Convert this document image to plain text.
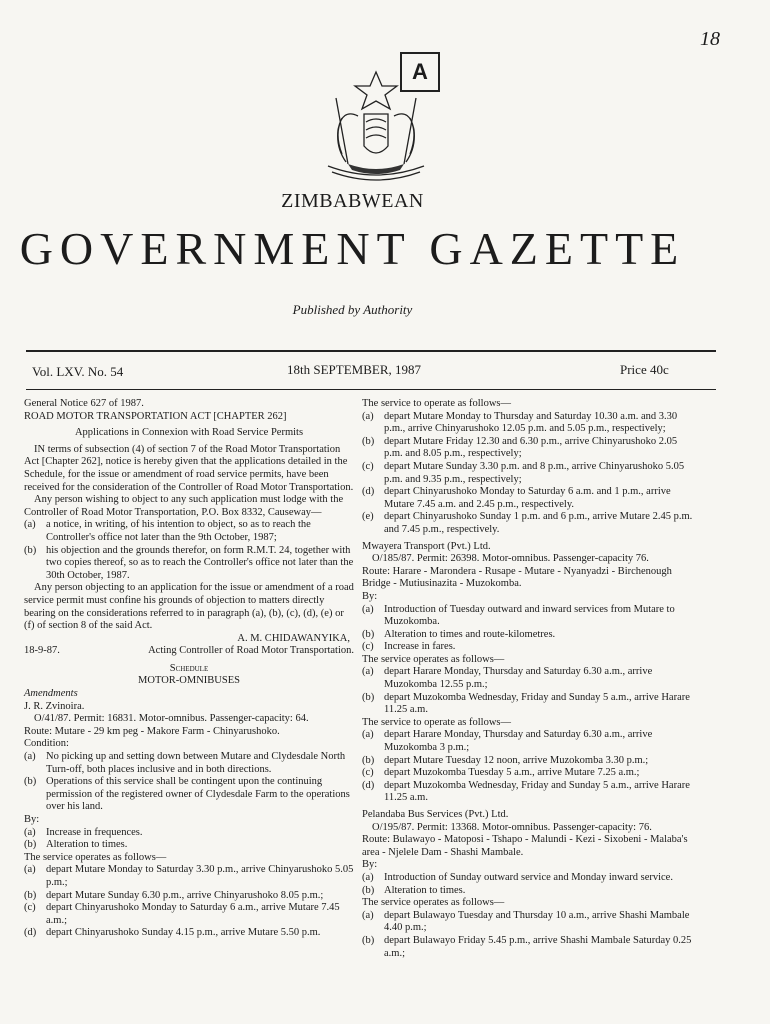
18
A
ZIMBABWEAN
GOVERNMENT GAZETTE
Published by Authority
Vol. LXV. No. 54	18th SEPTEMBER, 1987	Price 40c

General Notice 627 of 1987.

ROAD MOTOR TRANSPORTATION ACT [CHAPTER 262]

Applications in Connexion with Road Service Permits

IN terms of subsection (4) of section 7 of the Road Motor Transportation Act [Chapter 262], notice is hereby given that the applications detailed in the Schedule, for the issue or amendment of road service permits, have been received for the consideration of the Controller of Road Motor Transportation.

Any person wishing to object to any such application must lodge with the Controller of Road Motor Transportation, P.O. Box 8332, Causeway—

(a) a notice, in writing, of his intention to object, so as to reach the Controller's office not later than the 9th October, 1987;
(b) his objection and the grounds therefor, on form R.M.T. 24, together with two copies thereof, so as to reach the Controller's office not later than the 30th October, 1987.

Any person objecting to an application for the issue or amendment of a road service permit must confine his grounds of objection to matters directly bearing on the considerations referred to in paragraph (a), (b), (c), (d), (e) or (f) of section 8 of the said Act.

A. M. CHIDAWANYIKA,

18-9-87.	Acting Controller of Road Motor Transportation.

Schedule

MOTOR-OMNIBUSES

Amendments

J. R. Zvinoira.

O/41/87. Permit: 16831. Motor-omnibus. Passenger-capacity: 64.

Route: Mutare - 29 km peg - Makore Farm - Chinyarushoko.

Condition:

(a) No picking up and setting down between Mutare and Clydesdale North Turn-off, both places inclusive and in both directions.
(b) Operations of this service shall be contingent upon the continuing permission of the registered owner of Clydesdale Farm to the operations over his land.

By:

(a) Increase in frequences.
(b) Alteration to times.

The service operates as follows—

(a) depart Mutare Monday to Saturday 3.30 p.m., arrive Chinyarushoko 5.05 p.m.;
(b) depart Mutare Sunday 6.30 p.m., arrive Chinyarushoko 8.05 p.m.;
(c) depart Chinyarushoko Monday to Saturday 6 a.m., arrive Mutare 7.45 a.m.;
(d) depart Chinyarushoko Sunday 4.15 p.m., arrive Mutare 5.50 p.m.

The service to operate as follows—

(a) depart Mutare Monday to Thursday and Saturday 10.30 a.m. and 3.30 p.m., arrive Chinyarushoko 12.05 p.m. and 5.05 p.m., respectively;
(b) depart Mutare Friday 12.30 and 6.30 p.m., arrive Chinyarushoko 2.05 p.m. and 8.05 p.m., respectively;
(c) depart Mutare Sunday 3.30 p.m. and 8 p.m., arrive Chinyarushoko 5.05 p.m. and 9.35 p.m., respectively;
(d) depart Chinyarushoko Monday to Saturday 6 a.m. and 1 p.m., arrive Mutare 7.45 a.m. and 2.45 p.m., respectively.
(e) depart Chinyarushoko Sunday 1 p.m. and 6 p.m., arrive Mutare 2.45 p.m. and 7.45 p.m., respectively.

Mwayera Transport (Pvt.) Ltd.

O/185/87. Permit: 26398. Motor-omnibus. Passenger-capacity 76.

Route: Harare - Marondera - Rusape - Mutare - Nyanyadzi - Birchenough Bridge - Mutiusinazita - Muzokomba.

By:

(a) Introduction of Tuesday outward and inward services from Mutare to Muzokomba.
(b) Alteration to times and route-kilometres.
(c) Increase in fares.

The service operates as follows—

(a) depart Harare Monday, Thursday and Saturday 6.30 a.m., arrive Muzokomba 12.55 p.m.;
(b) depart Muzokomba Wednesday, Friday and Sunday 5 a.m., arrive Harare 11.25 a.m.

The service to operate as follows—

(a) depart Harare Monday, Thursday and Saturday 6.30 a.m., arrive Muzokomba 3 p.m.;
(b) depart Mutare Tuesday 12 noon, arrive Muzokomba 3.30 p.m.;
(c) depart Muzokomba Tuesday 5 a.m., arrive Mutare 7.25 a.m.;
(d) depart Muzokomba Wednesday, Friday and Sunday 5 a.m., arrive Harare 11.25 a.m.

Pelandaba Bus Services (Pvt.) Ltd.

O/195/87. Permit: 13368. Motor-omnibus. Passenger-capacity: 76.

Route: Bulawayo - Matoposi - Tshapo - Malundi - Kezi - Sixobeni - Malaba's area - Njelele Dam - Shashi Mambale.

By:

(a) Introduction of Sunday outward service and Monday inward service.
(b) Alteration to times.

The service operates as follows—

(a) depart Bulawayo Tuesday and Thursday 10 a.m., arrive Shashi Mambale 4.40 p.m.;
(b) depart Bulawayo Friday 5.45 p.m., arrive Shashi Mambale Saturday 0.25 a.m.;
